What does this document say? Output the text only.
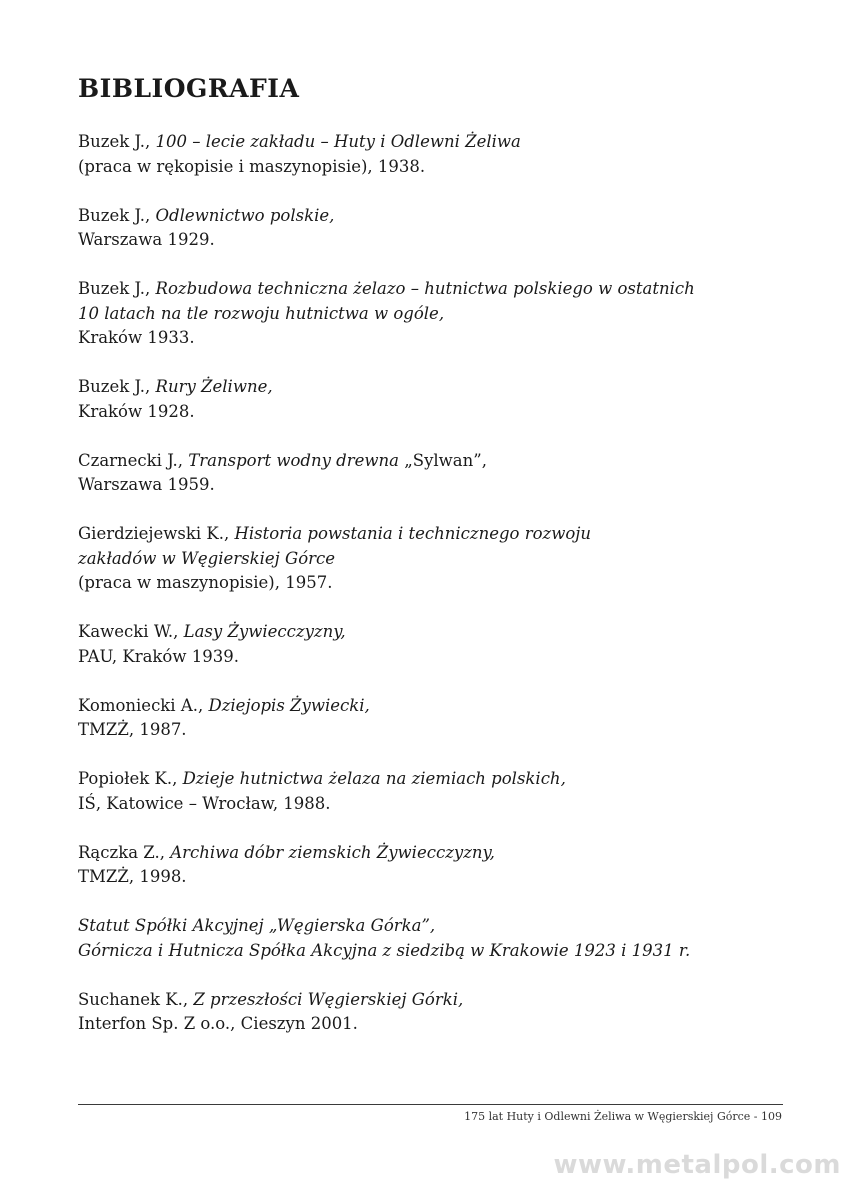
BIBLIOGRAFIA

Buzek J., 100 – lecie zakładu – Huty i Odlewni Żeliwa
(praca w rękopisie i maszynopisie), 1938.

Buzek J., Odlewnictwo polskie,
Warszawa 1929.

Buzek J., Rozbudowa techniczna żelazo – hutnictwa polskiego w ostatnich
10 latach na tle rozwoju hutnictwa w ogóle,
Kraków 1933.

Buzek J., Rury Żeliwne,
Kraków 1928.

Czarnecki J., Transport wodny drewna „Sylwan”,
Warszawa 1959.

Gierdziejewski K., Historia powstania i technicznego rozwoju
zakładów w Węgierskiej Górce
(praca w maszynopisie), 1957.

Kawecki W., Lasy Żywiecczyzny,
PAU, Kraków 1939.

Komoniecki A., Dziejopis Żywiecki,
TMZŻ, 1987.

Popiołek K., Dzieje hutnictwa żelaza na ziemiach polskich,
IŚ, Katowice – Wrocław, 1988.

Rączka Z., Archiwa dóbr ziemskich Żywiecczyzny,
TMZŻ, 1998.

Statut Spółki Akcyjnej „Węgierska Górka”,
Górnicza i Hutnicza Spółka Akcyjna z siedzibą w Krakowie 1923 i 1931 r.

Suchanek K., Z przeszłości Węgierskiej Górki,
Interfon Sp. Z o.o., Cieszyn 2001.

175 lat Huty i Odlewni Żeliwa w Węgierskiej Górce - 109
www.metalpol.com
